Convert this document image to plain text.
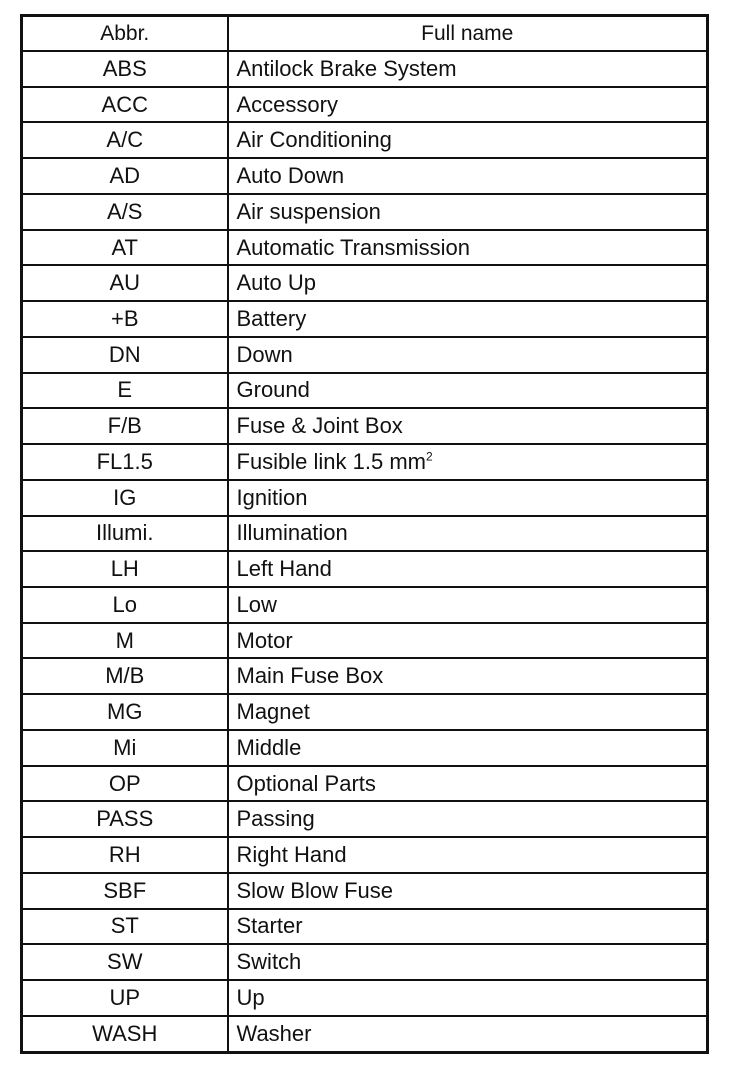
Abbr.	Full name
ABS	Antilock Brake System
ACC	Accessory
A/C	Air Conditioning
AD	Auto Down
A/S	Air suspension
AT	Automatic Transmission
AU	Auto Up
+B	Battery
DN	Down
E	Ground
F/B	Fuse & Joint Box
FL1.5	Fusible link 1.5 $mm^2$
IG	Ignition
Illumi.	Illumination
LH	Left Hand
Lo	Low
M	Motor
M/B	Main Fuse Box
MG	Magnet
Mi	Middle
OP	Optional Parts
PASS	Passing
RH	Right Hand
SBF	Slow Blow Fuse
ST	Starter
SW	Switch
UP	Up
WASH	Washer
